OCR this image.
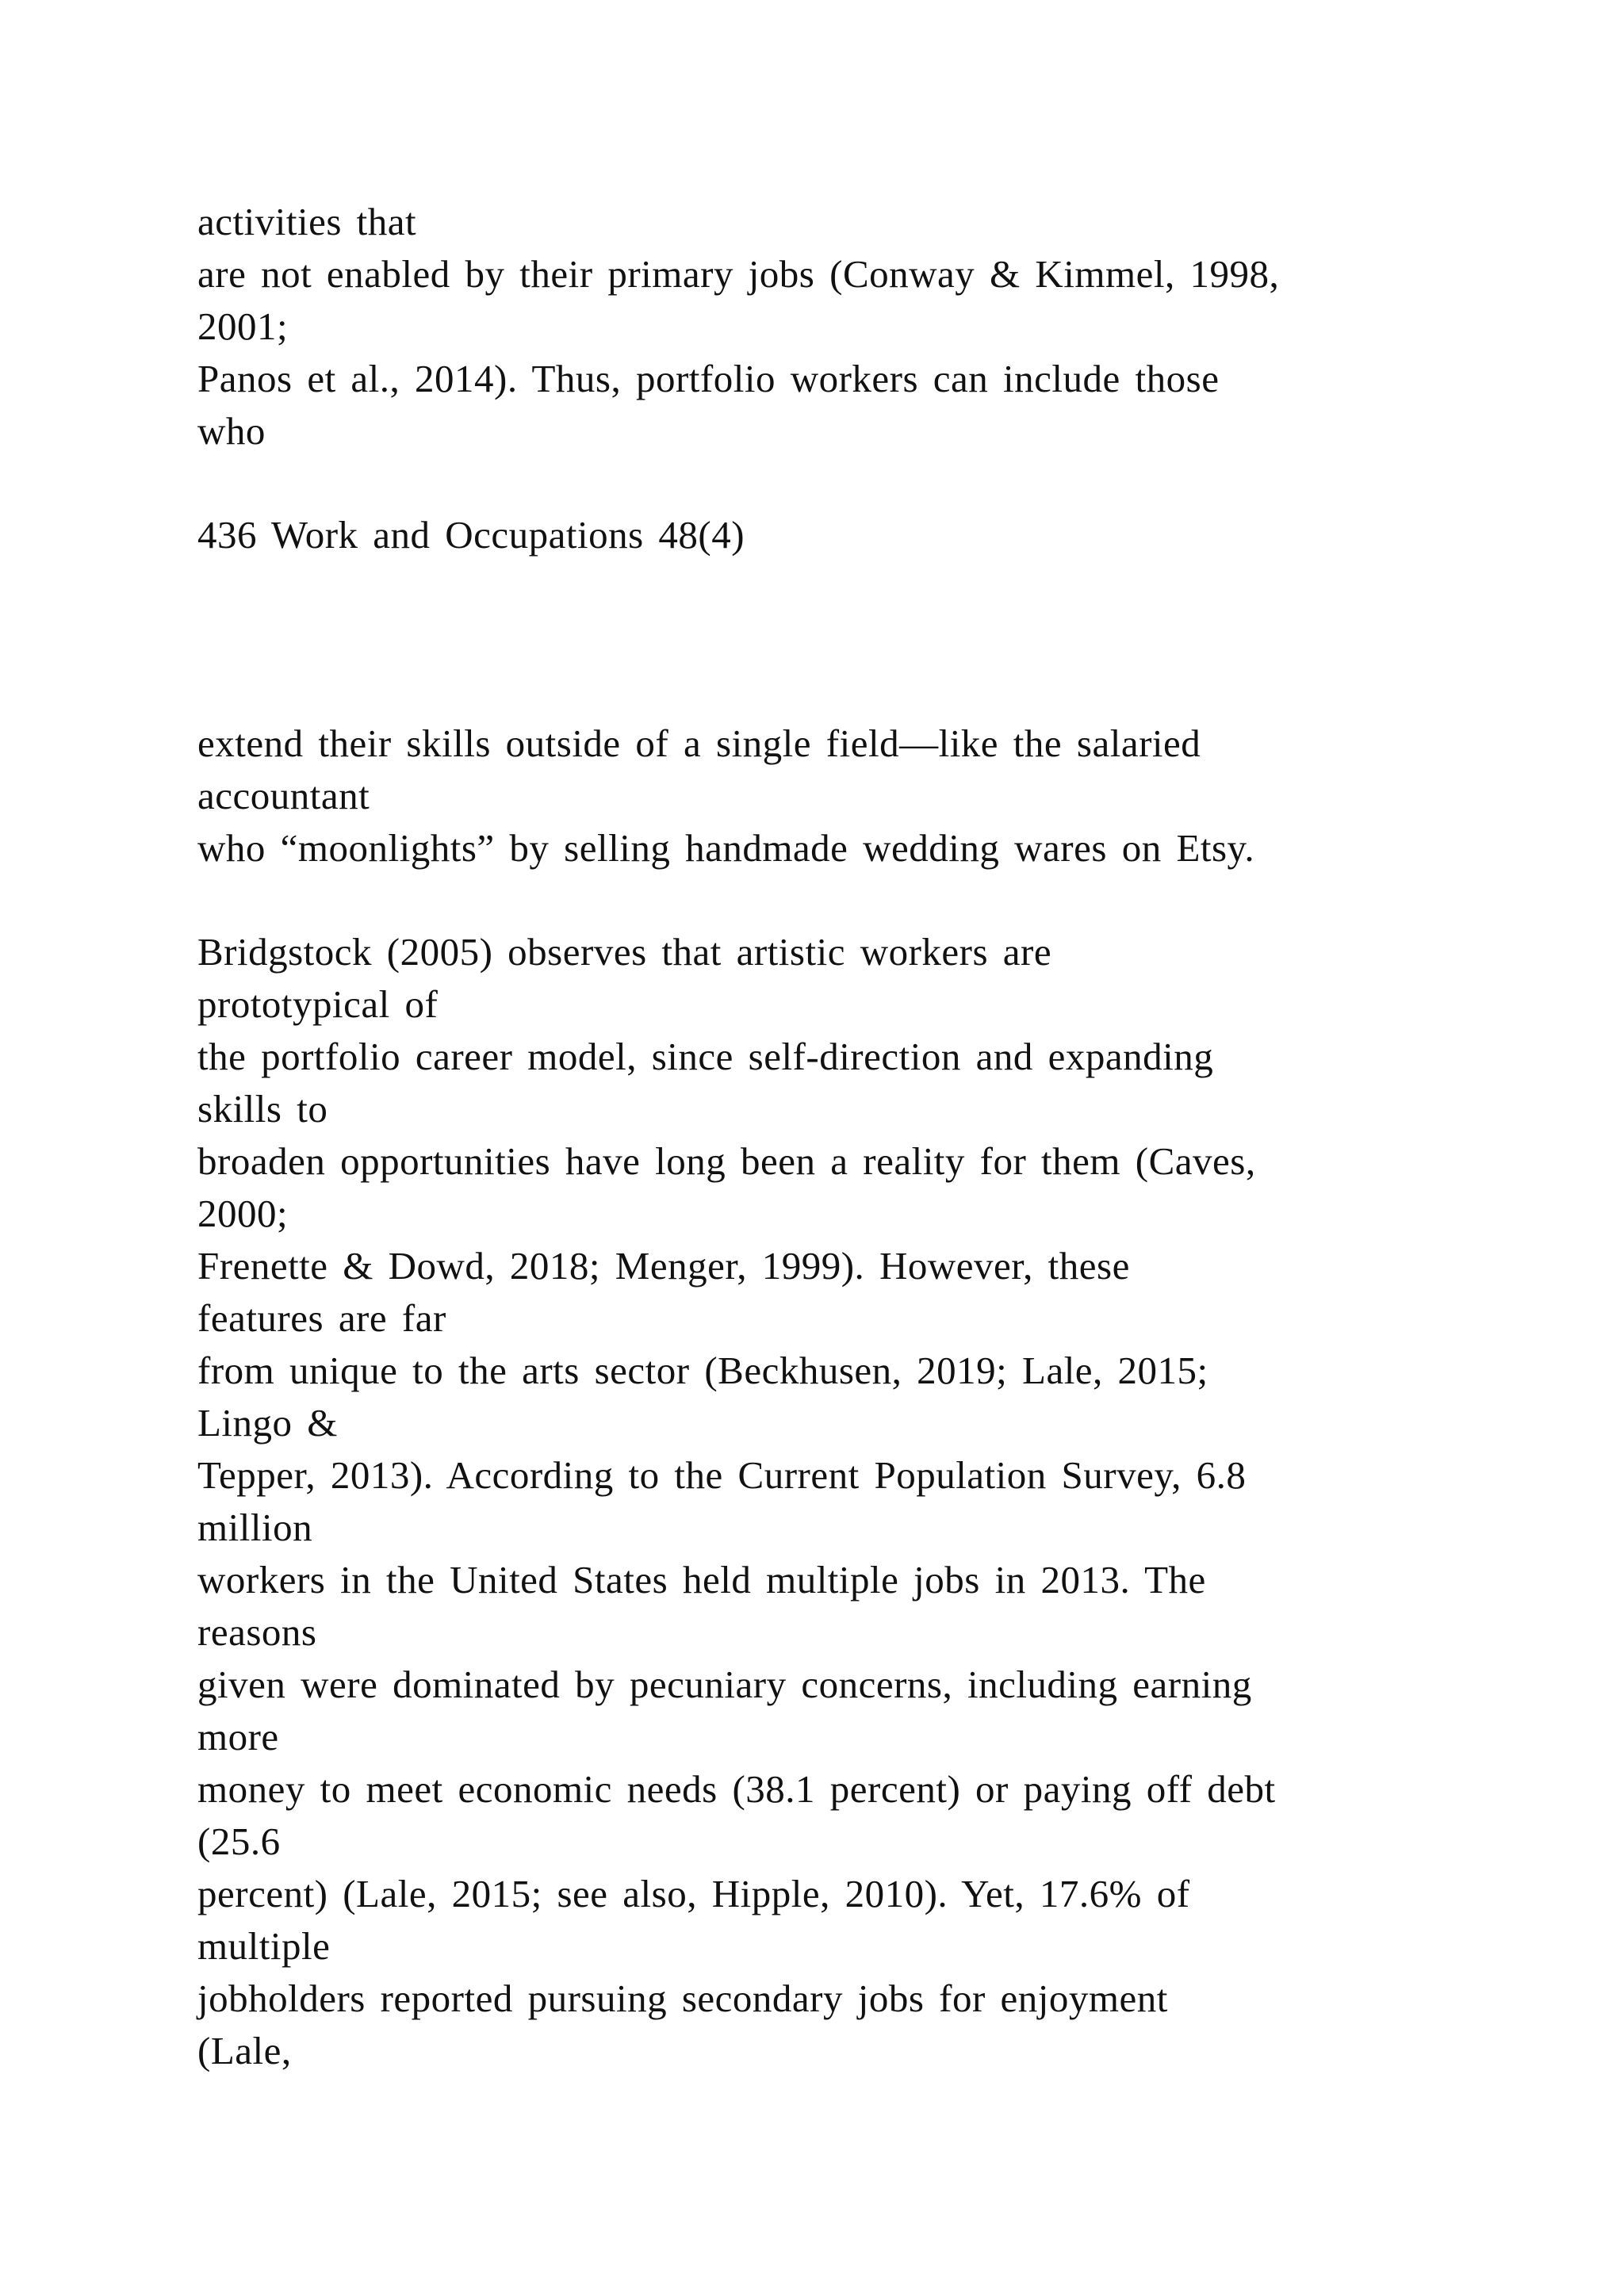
activities that

are not enabled by their primary jobs (Conway & Kimmel, 1998,

2001;

Panos et al., 2014). Thus, portfolio workers can include those

who

436 Work and Occupations 48(4)

extend their skills outside of a single field—like the salaried

accountant

who “moonlights” by selling handmade wedding wares on Etsy.

Bridgstock (2005) observes that artistic workers are

prototypical of

the portfolio career model, since self-direction and expanding

skills to

broaden opportunities have long been a reality for them (Caves,

2000;

Frenette & Dowd, 2018; Menger, 1999). However, these

features are far

from unique to the arts sector (Beckhusen, 2019; Lale, 2015;

Lingo &

Tepper, 2013). According to the Current Population Survey, 6.8

million

workers in the United States held multiple jobs in 2013. The

reasons

given were dominated by pecuniary concerns, including earning

more

money to meet economic needs (38.1 percent) or paying off debt

(25.6

percent) (Lale, 2015; see also, Hipple, 2010). Yet, 17.6% of

multiple

jobholders reported pursuing secondary jobs for enjoyment

(Lale,
